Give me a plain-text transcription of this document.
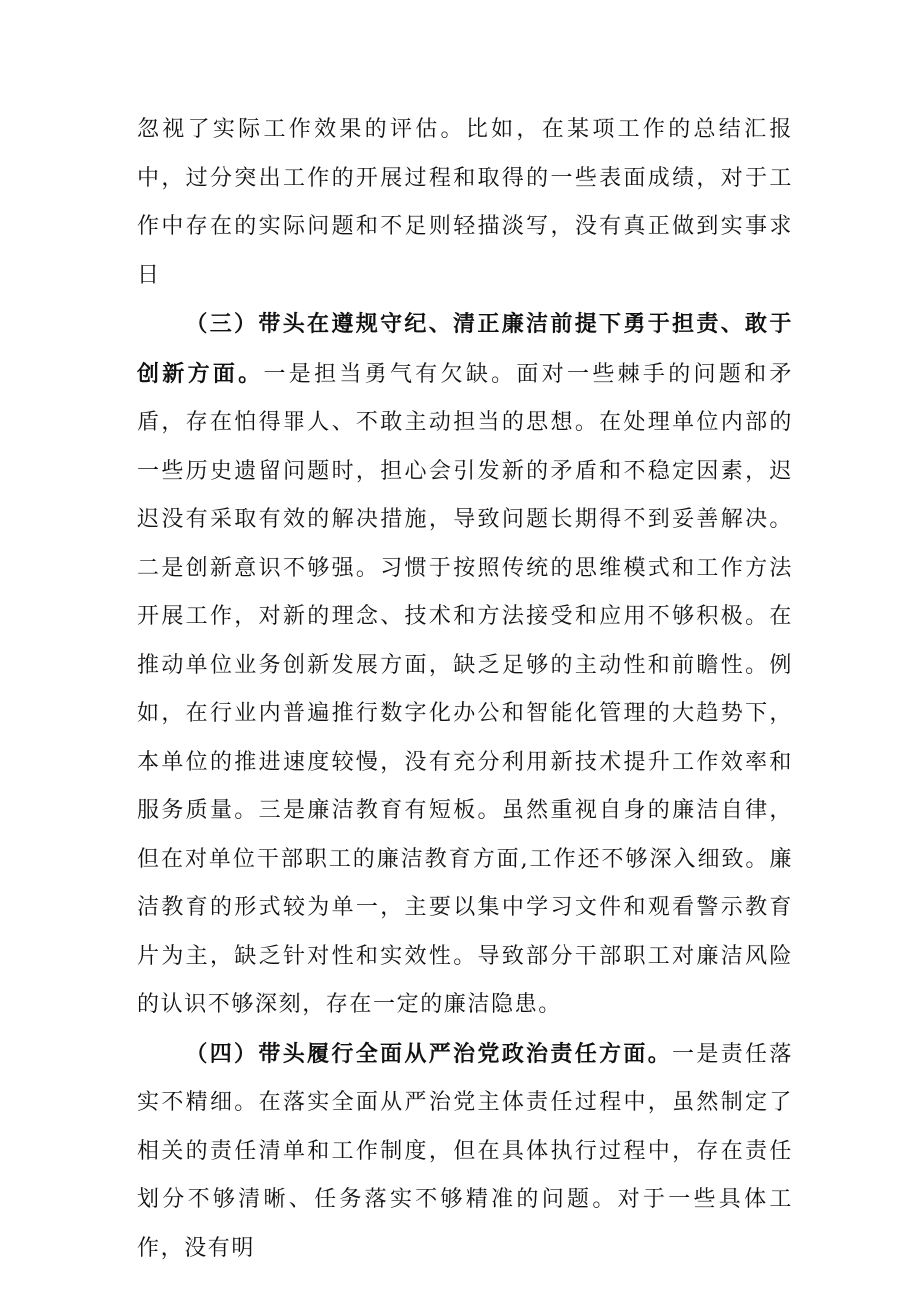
忽视了实际工作效果的评估。比如，在某项工作的总结汇报中，过分突出工作的开展过程和取得的一些表面成绩，对于工作中存在的实际问题和不足则轻描淡写，没有真正做到实事求日

（三）带头在遵规守纪、清正廉洁前提下勇于担责、敢于创新方面。一是担当勇气有欠缺。面对一些棘手的问题和矛盾，存在怕得罪人、不敢主动担当的思想。在处理单位内部的一些历史遗留问题时，担心会引发新的矛盾和不稳定因素，迟迟没有采取有效的解决措施，导致问题长期得不到妥善解决。二是创新意识不够强。习惯于按照传统的思维模式和工作方法开展工作，对新的理念、技术和方法接受和应用不够积极。在推动单位业务创新发展方面，缺乏足够的主动性和前瞻性。例如，在行业内普遍推行数字化办公和智能化管理的大趋势下，本单位的推进速度较慢，没有充分利用新技术提升工作效率和服务质量。三是廉洁教育有短板。虽然重视自身的廉洁自律，但在对单位干部职工的廉洁教育方面,工作还不够深入细致。廉洁教育的形式较为单一，主要以集中学习文件和观看警示教育片为主，缺乏针对性和实效性。导致部分干部职工对廉洁风险的认识不够深刻，存在一定的廉洁隐患。

（四）带头履行全面从严治党政治责任方面。一是责任落实不精细。在落实全面从严治党主体责任过程中，虽然制定了相关的责任清单和工作制度，但在具体执行过程中，存在责任划分不够清晰、任务落实不够精准的问题。对于一些具体工作，没有明
